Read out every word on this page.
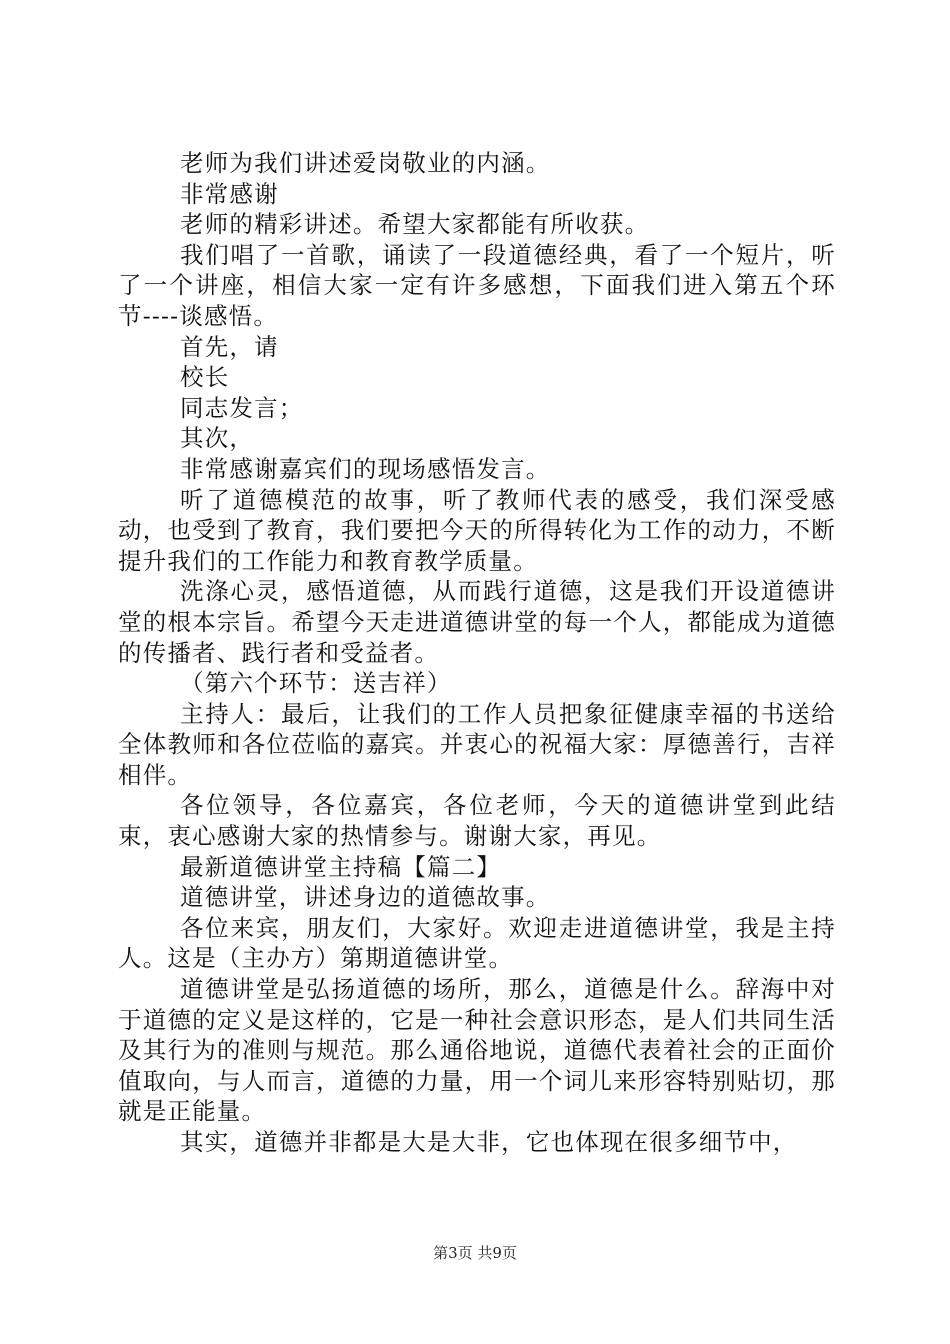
老师为我们讲述爱岗敬业的内涵。

非常感谢

老师的精彩讲述。希望大家都能有所收获。

我们唱了一首歌，诵读了一段道德经典，看了一个短片，听了一个讲座，相信大家一定有许多感想，下面我们进入第五个环节----谈感悟。

首先，请

校长

同志发言；

其次，

非常感谢嘉宾们的现场感悟发言。

听了道德模范的故事，听了教师代表的感受，我们深受感动，也受到了教育，我们要把今天的所得转化为工作的动力，不断提升我们的工作能力和教育教学质量。

洗涤心灵，感悟道德，从而践行道德，这是我们开设道德讲堂的根本宗旨。希望今天走进道德讲堂的每一个人，都能成为道德的传播者、践行者和受益者。

（第六个环节：送吉祥）

主持人：最后，让我们的工作人员把象征健康幸福的书送给全体教师和各位莅临的嘉宾。并衷心的祝福大家：厚德善行，吉祥相伴。

各位领导，各位嘉宾，各位老师，今天的道德讲堂到此结束，衷心感谢大家的热情参与。谢谢大家，再见。

最新道德讲堂主持稿【篇二】

道德讲堂，讲述身边的道德故事。

各位来宾，朋友们，大家好。欢迎走进道德讲堂，我是主持人。这是（主办方）第期道德讲堂。

道德讲堂是弘扬道德的场所，那么，道德是什么。辞海中对于道德的定义是这样的，它是一种社会意识形态，是人们共同生活及其行为的准则与规范。那么通俗地说，道德代表着社会的正面价值取向，与人而言，道德的力量，用一个词儿来形容特别贴切，那就是正能量。

其实，道德并非都是大是大非，它也体现在很多细节中，

第3页 共9页
